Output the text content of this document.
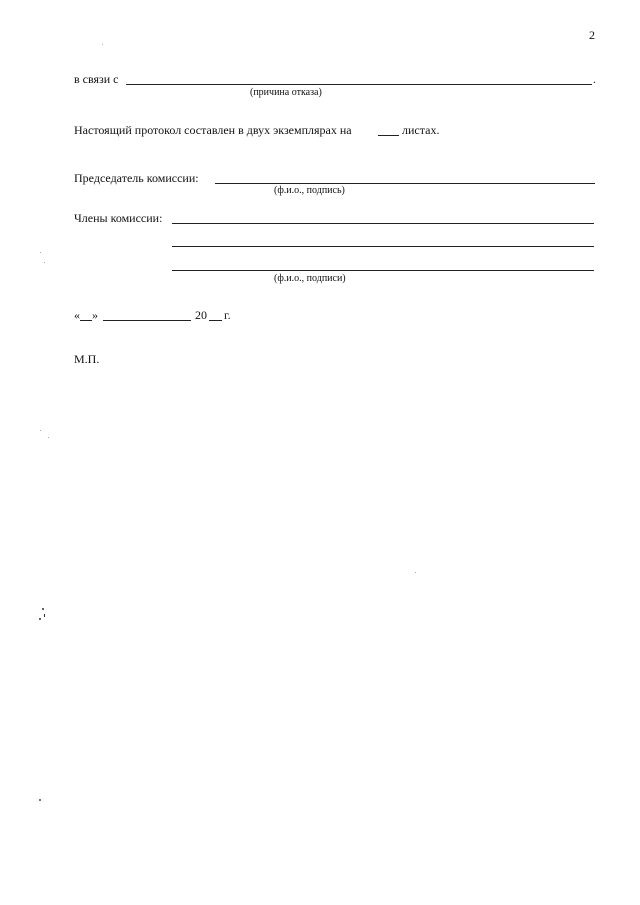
2
в связи с	.
(причина отказа)
Настоящий протокол составлен в двух экземплярах на	листах.
Председатель комиссии:
(ф.и.о., подпись)
Члены комиссии:
(ф.и.о., подписи)
« »	20 г.
М.П.
